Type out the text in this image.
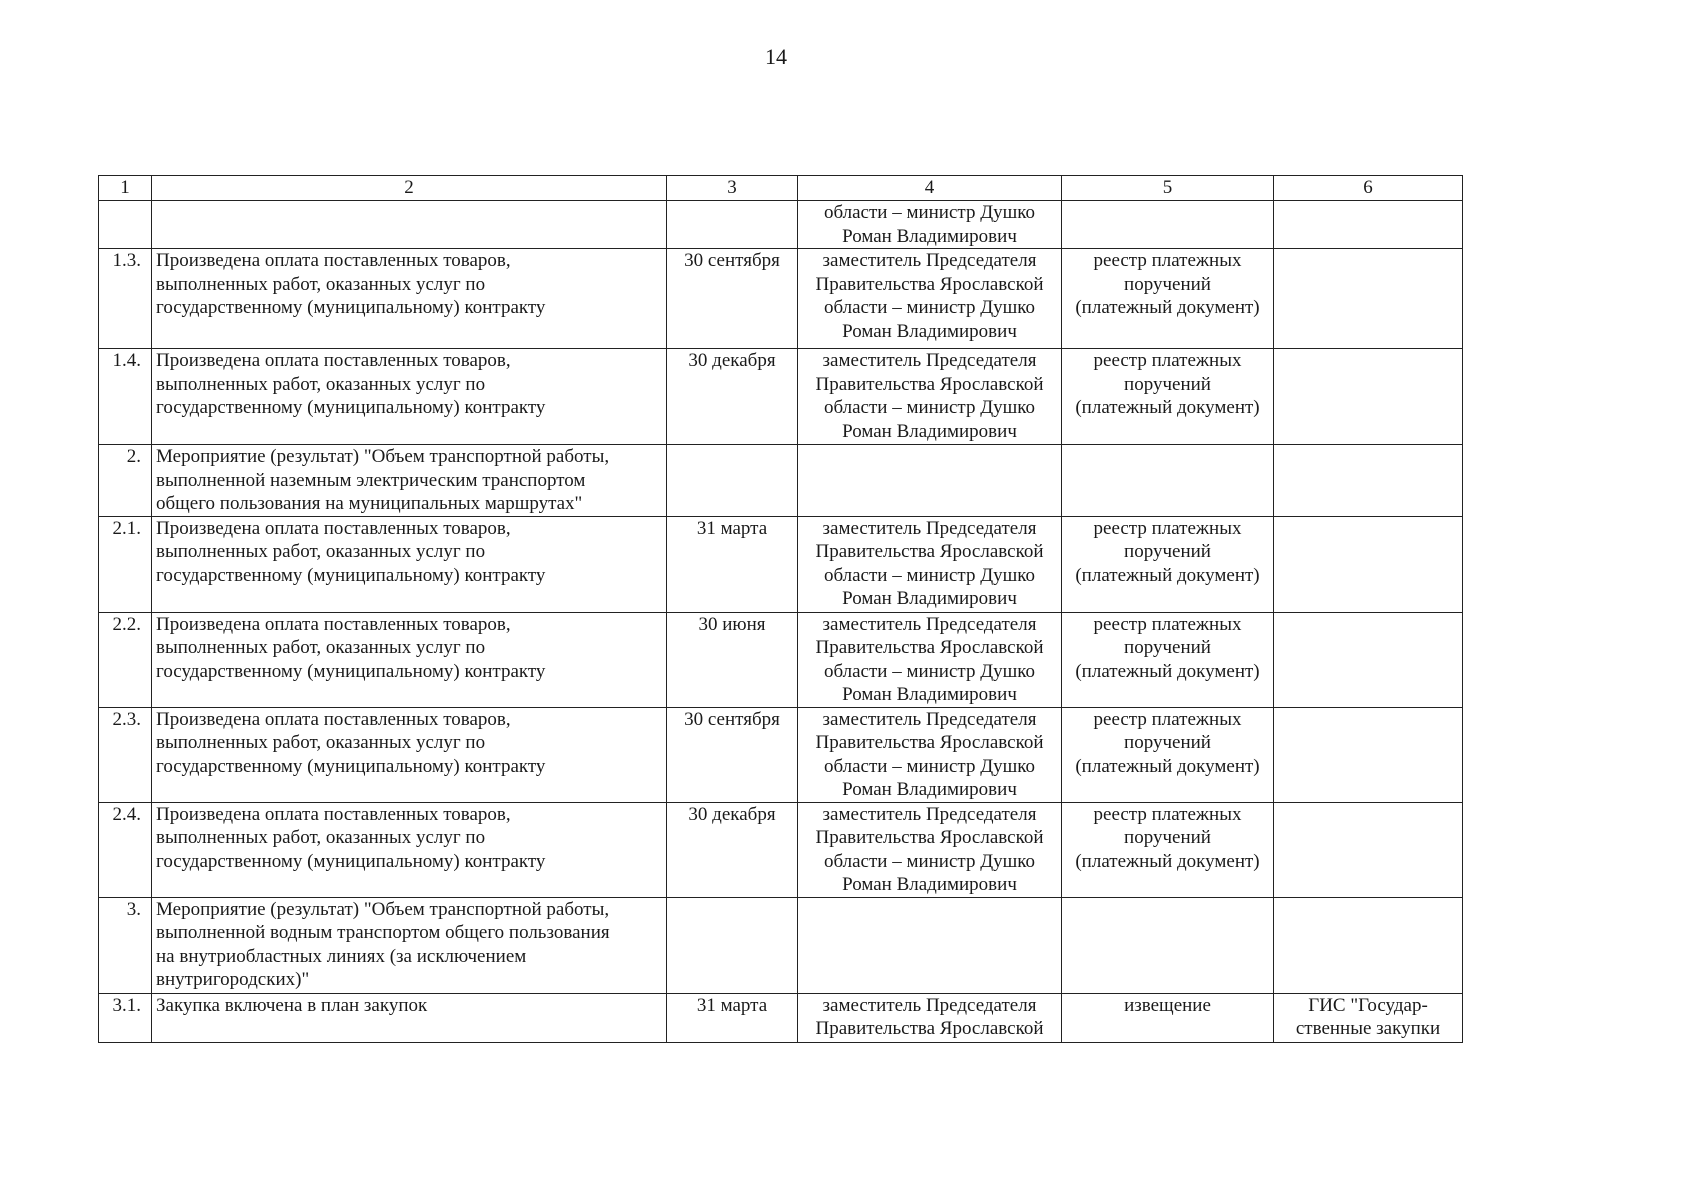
14
1	2	3	4	5	6
			области – министр Душко
Роман Владимирович		
1.3.	Произведена оплата поставленных товаров,
выполненных работ, оказанных услуг по
государственному (муниципальному) контракту	30 сентября	заместитель Председателя
Правительства Ярославской
области – министр Душко
Роман Владимирович	реестр платежных
поручений
(платежный документ)	
1.4.	Произведена оплата поставленных товаров,
выполненных работ, оказанных услуг по
государственному (муниципальному) контракту	30 декабря	заместитель Председателя
Правительства Ярославской
области – министр Душко
Роман Владимирович	реестр платежных
поручений
(платежный документ)	
2.	Мероприятие (результат) "Объем транспортной работы,
выполненной наземным электрическим транспортом
общего пользования на муниципальных маршрутах"				
2.1.	Произведена оплата поставленных товаров,
выполненных работ, оказанных услуг по
государственному (муниципальному) контракту	31 марта	заместитель Председателя
Правительства Ярославской
области – министр Душко
Роман Владимирович	реестр платежных
поручений
(платежный документ)	
2.2.	Произведена оплата поставленных товаров,
выполненных работ, оказанных услуг по
государственному (муниципальному) контракту	30 июня	заместитель Председателя
Правительства Ярославской
области – министр Душко
Роман Владимирович	реестр платежных
поручений
(платежный документ)	
2.3.	Произведена оплата поставленных товаров,
выполненных работ, оказанных услуг по
государственному (муниципальному) контракту	30 сентября	заместитель Председателя
Правительства Ярославской
области – министр Душко
Роман Владимирович	реестр платежных
поручений
(платежный документ)	
2.4.	Произведена оплата поставленных товаров,
выполненных работ, оказанных услуг по
государственному (муниципальному) контракту	30 декабря	заместитель Председателя
Правительства Ярославской
области – министр Душко
Роман Владимирович	реестр платежных
поручений
(платежный документ)	
3.	Мероприятие (результат) "Объем транспортной работы,
выполненной водным транспортом общего пользования
на внутриобластных линиях (за исключением
внутригородских)"				
3.1.	Закупка включена в план закупок	31 марта	заместитель Председателя
Правительства Ярославской	извещение	ГИС "Государ-
ственные закупки
